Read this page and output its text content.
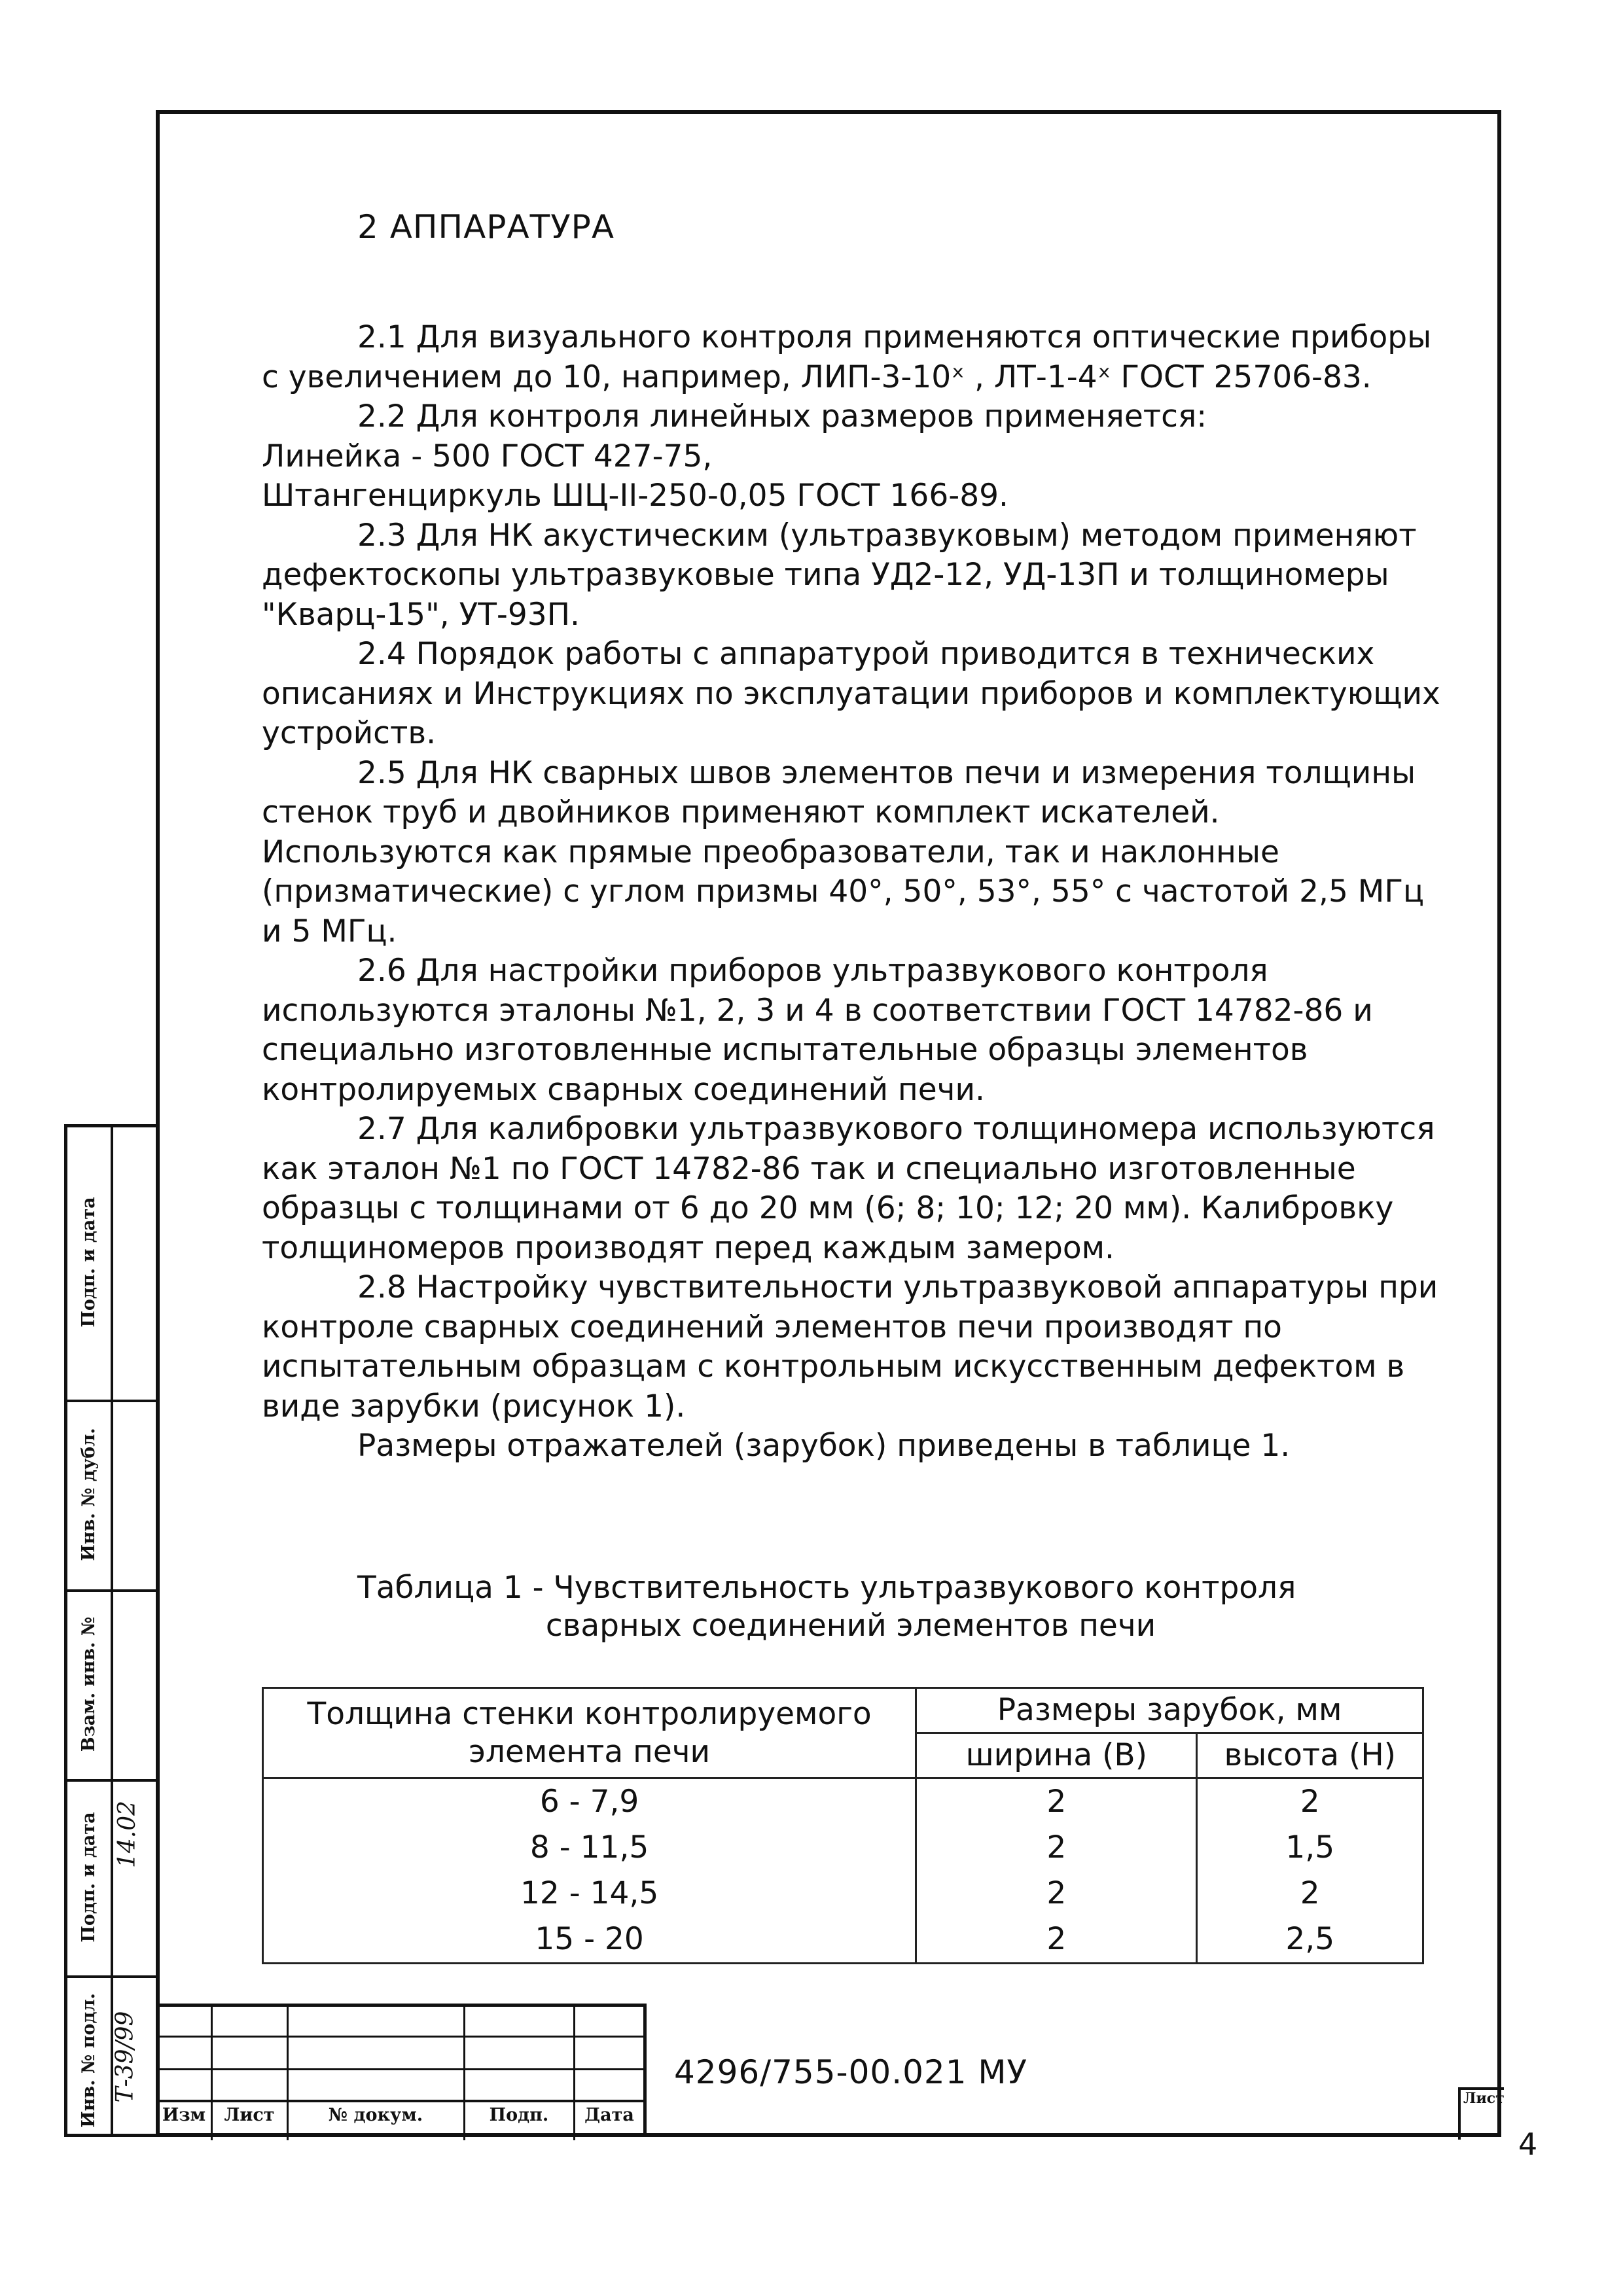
2 АППАРАТУРА

2.1 Для визуального контроля применяются оптические приборы с увеличением до 10, например, ЛИП-3-10ˣ , ЛТ-1-4ˣ ГОСТ 25706-83.

2.2 Для контроля линейных размеров применяется:

Линейка - 500 ГОСТ 427-75,

Штангенциркуль ШЦ-II-250-0,05 ГОСТ 166-89.

2.3 Для НК акустическим (ультразвуковым) методом применяют дефектоскопы ультразвуковые типа УД2-12, УД-13П и толщиномеры "Кварц-15", УТ-93П.

2.4 Порядок работы с аппаратурой приводится в технических описаниях и Инструкциях по эксплуатации приборов и комплектующих устройств.

2.5 Для НК сварных швов элементов печи и измерения толщины стенок труб и двойников применяют комплект искателей. Используются как прямые преобразователи, так и наклонные (призматические) с углом призмы 40°, 50°, 53°, 55° с частотой 2,5 МГц и 5 МГц.

2.6 Для настройки приборов ультразвукового контроля используются эталоны №1, 2, 3 и 4 в соответствии ГОСТ 14782-86 и специально изготовленные испытательные образцы элементов контролируемых сварных соединений печи.

2.7 Для калибровки ультразвукового толщиномера используются как эталон №1 по ГОСТ 14782-86 так и специально изготовленные образцы с толщинами от 6 до 20 мм (6; 8; 10; 12; 20 мм). Калибровку толщиномеров производят перед каждым замером.

2.8 Настройку чувствительности ультразвуковой аппаратуры при контроле сварных соединений элементов печи производят по испытательным образцам с контрольным искусственным дефектом в виде зарубки (рисунок 1).

Размеры отражателей (зарубок) приведены в таблице 1.

Таблица 1 - Чувствительность ультразвукового контроля
сварных соединений элементов печи
Толщина стенки контролируемого элемента печи	Размеры зарубок, мм	
	ширина (В)	высота (Н)
6 - 7,9	2	2
8 - 11,5	2	1,5
12 - 14,5	2	2
15 - 20	2	2,5
Подп. и дата
Инв. № дубл.
Взам. инв. №
Подп. и дата 14.02
Инв. № подл. Т-39/99
Изм	Лист	№ докум.	Подп.	Дата
4296/755-00.021 МУ
Лист
4
